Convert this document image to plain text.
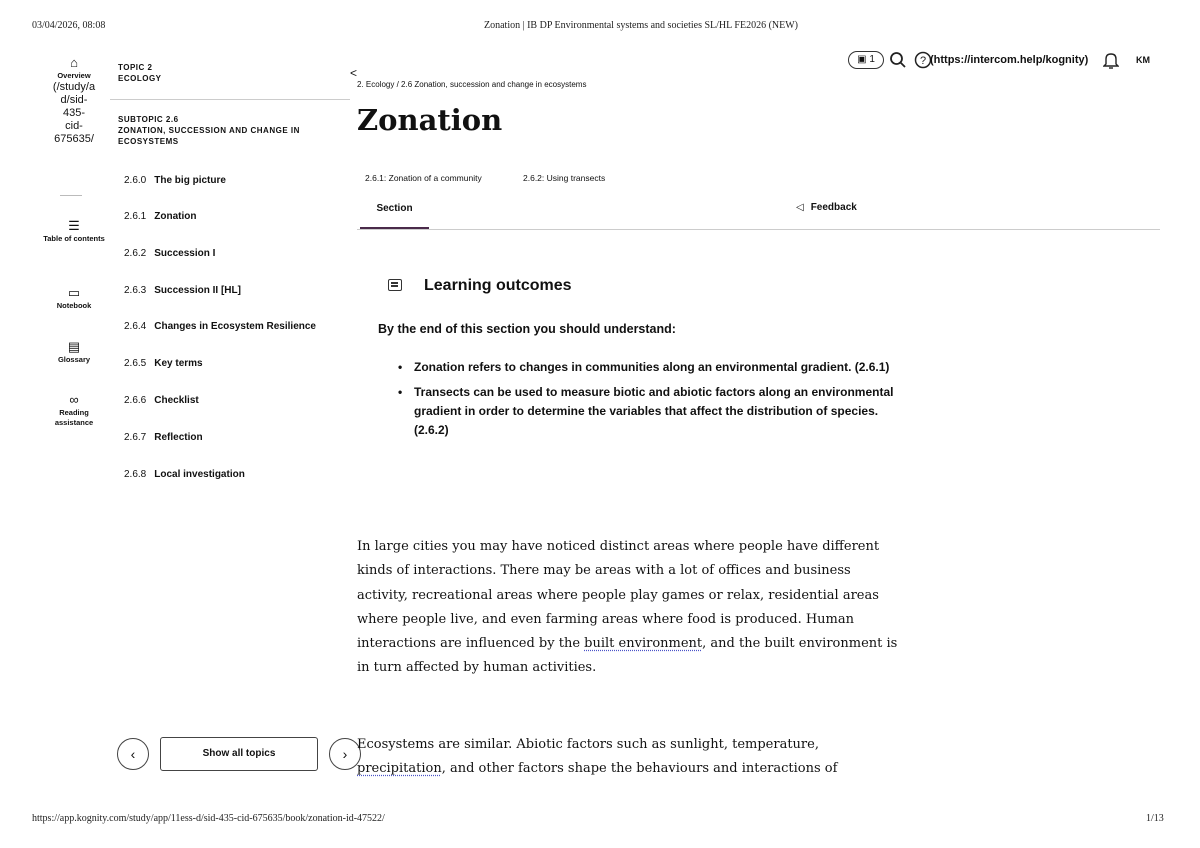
03/04/2026, 08:08	Zonation | IB DP Environmental systems and societies SL/HL FE2026 (NEW)
https://app.kognity.com/study/app/11ess-d/sid-435-cid-675635/book/zonation-id-47522/	1/13
⌂
Overview
(/study/a
d/sid-
435-
cid-
675635/
☰
Table of contents
▭
Notebook
▤
Glossary
∞
Reading assistance
TOPIC 2
ECOLOGY
SUBTOPIC 2.6
ZONATION, SUCCESSION AND CHANGE IN
ECOSYSTEMS
2.6.0 The big picture
2.6.1 Zonation
2.6.2 Succession I
2.6.3 Succession II [HL]
2.6.4 Changes in Ecosystem Resilience
2.6.5 Key terms
2.6.6 Checklist
2.6.7 Reflection
2.6.8 Local investigation
‹	Show all topics	›
<
▣ 1	? (https://intercom.help/kognity)	KM
2. Ecology / 2.6 Zonation, succession and change in ecosystems
Zonation
2.6.1: Zonation of a community	2.6.2: Using transects
Section	◁ Feedback
Learning outcomes
By the end of this section you should understand:
• Zonation refers to changes in communities along an environmental gradient. (2.6.1)
• Transects can be used to measure biotic and abiotic factors along an environmental gradient in order to determine the variables that affect the distribution of species. (2.6.2)

In large cities you may have noticed distinct areas where people have different kinds of interactions. There may be areas with a lot of offices and business activity, recreational areas where people play games or relax, residential areas where people live, and even farming areas where food is produced. Human interactions are influenced by the built environment, and the built environment is in turn affected by human activities.

Ecosystems are similar. Abiotic factors such as sunlight, temperature, precipitation, and other factors shape the behaviours and interactions of
